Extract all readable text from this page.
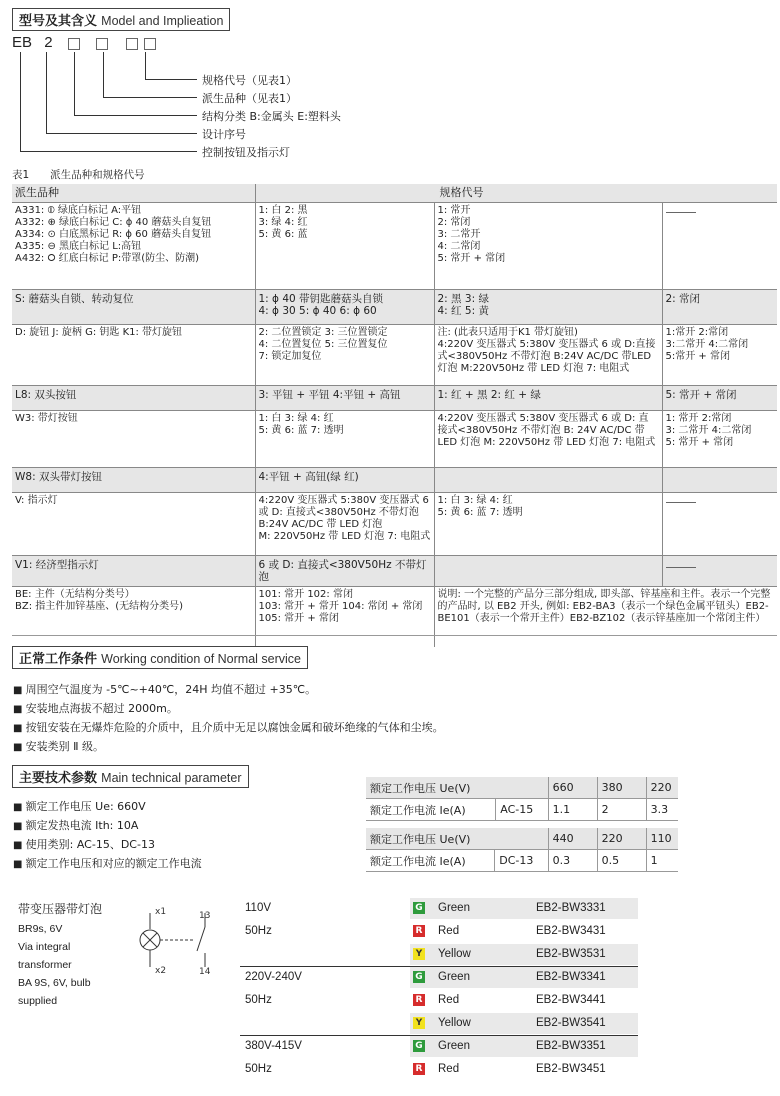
型号及其含义 Model and Implieation
EB 2
规格代号（见表1）
派生品种（见表1）
结构分类 B:金属头 E:塑料头
设计序号
控制按钮及指示灯
表1　　派生品种和规格代号
派生品种	规格代号		
A331: ⦶ 绿底白标记 A:平钮
A332: ⊕ 绿底白标记 C: ϕ 40 蘑菇头自复钮
A334: ⊙ 白底黑标记 R: ϕ 60 蘑菇头自复钮
A335: ⊖ 黑底白标记 L:高钮
A432: ⭘ 红底白标记 P:带罩(防尘、防潮)	1: 白 2: 黑
3: 绿 4: 红
5: 黄 6: 蓝	1: 常开
2: 常闭
3: 二常开
4: 二常闭
5: 常开 + 常闭	
S: 蘑菇头自锁、转动复位	1: ϕ 40 带钥匙蘑菇头自锁
4: ϕ 30 5: ϕ 40 6: ϕ 60	2: 黑 3: 绿
4: 红 5: 黄	2: 常闭
D: 旋钮 J: 旋柄 G: 钥匙 K1: 带灯旋钮	2: 二位置锁定 3: 三位置锁定
4: 二位置复位 5: 三位置复位
7: 锁定加复位	注: (此表只适用于K1 带灯旋钮)
4:220V 变压器式 5:380V 变压器式 6 或 D:直接
式<380V50Hz 不带灯泡 B:24V AC/DC 带LED
灯泡 M:220V50Hz 带 LED 灯泡 7: 电阻式	1:常开 2:常闭
3:二常开 4:二常闭
5:常开 + 常闭
L8: 双头按钮	3: 平钮 + 平钮 4:平钮 + 高钮	1: 红 + 黑 2: 红 + 绿	5: 常开 + 常闭
W3: 带灯按钮	1: 白 3: 绿 4: 红
5: 黄 6: 蓝 7: 透明	4:220V 变压器式 5:380V 变压器式 6 或 D: 直
接式<380V50Hz 不带灯泡 B: 24V AC/DC 带
LED 灯泡 M: 220V50Hz 带 LED 灯泡 7: 电阻式	1: 常开 2:常闭
3: 二常开 4:二常闭
5: 常开 + 常闭
W8: 双头带灯按钮	4:平钮 + 高钮(绿 红)		
V: 指示灯	4:220V 变压器式 5:380V 变压器式 6
或 D: 直接式<380V50Hz 不带灯泡
B:24V AC/DC 带 LED 灯泡
M: 220V50Hz 带 LED 灯泡 7: 电阻式	1: 白 3: 绿 4: 红
5: 黄 6: 蓝 7: 透明	
V1: 经济型指示灯	6 或 D: 直接式<380V50Hz 不带灯泡		
BE: 主件（无结构分类号）
BZ: 指主件加锌基座、(无结构分类号)	101: 常开 102: 常闭
103: 常开 + 常开 104: 常闭 + 常闭
105: 常开 + 常闭	说明: 一个完整的产品分三部分组成, 即头部、锌基座和主件。表示一个完整的产品时, 以 EB2 开头, 例如: EB2-BA3（表示一个绿色金属平钮头）EB2-BE101（表示一个常开主件）EB2-BZ102（表示锌基座加一个常闭主件）	
正常工作条件 Working condition of Normal service
■ 周围空气温度为 -5℃~+40℃，24H 均值不超过 +35℃。
■ 安装地点海拔不超过 2000m。
■ 按钮安装在无爆炸危险的介质中，且介质中无足以腐蚀金属和破坏绝缘的气体和尘埃。
■ 安装类别 Ⅱ 级。
主要技术参数 Main technical parameter
■ 额定工作电压 Ue: 660V
■ 额定发热电流 Ith: 10A
■ 使用类别: AC-15、DC-13
■ 额定工作电压和对应的额定工作电流
额定工作电压 Ue(V)		660	380	220
额定工作电流 Ie(A)	AC-15	1.1	2	3.3
额定工作电压 Ue(V)		440	220	110
额定工作电流 Ie(A)	DC-13	0.3	0.5	1
带变压器带灯泡
BR9s, 6V
Via integral
transformer
BA 9S, 6V, bulb
supplied
x1	13
x2	14
110V
50Hz
G Green	EB2-BW3331
R Red	EB2-BW3431
Y Yellow	EB2-BW3531
220V-240V
50Hz
G Green	EB2-BW3341
R Red	EB2-BW3441
Y Yellow	EB2-BW3541
380V-415V
50Hz
G Green	EB2-BW3351
R Red	EB2-BW3451
